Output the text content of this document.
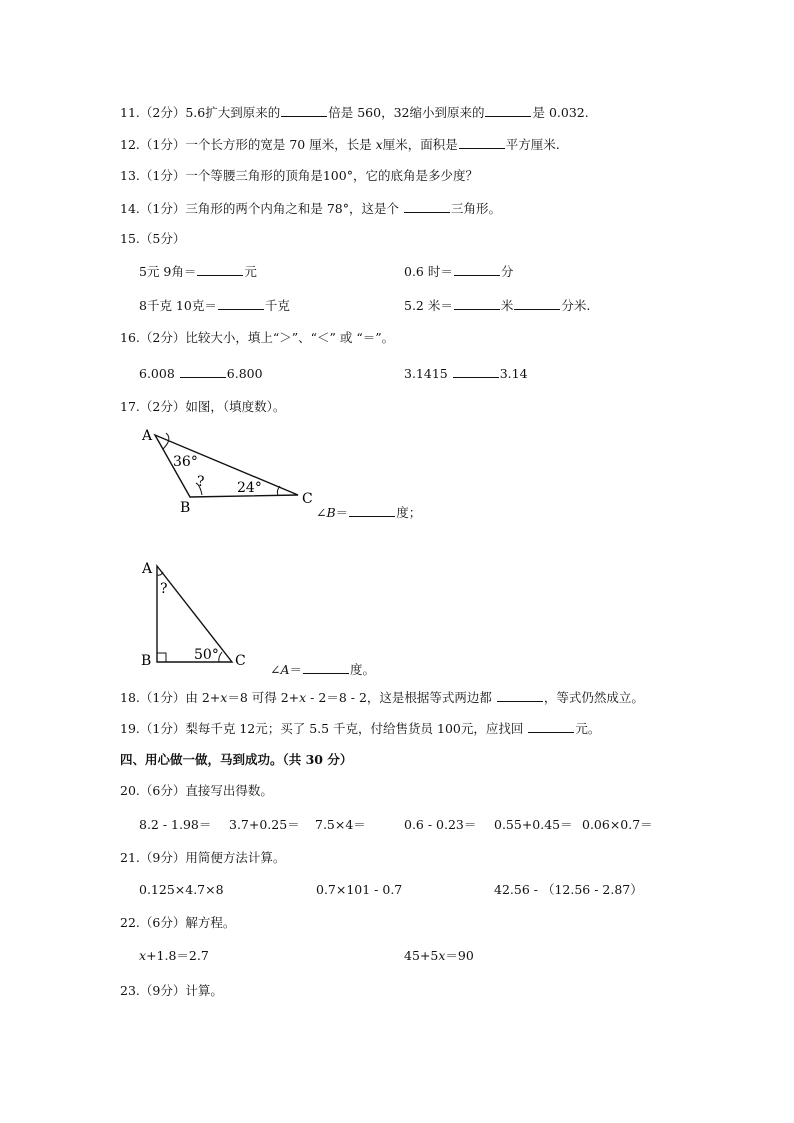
11.（2分）5.6扩大到原来的	倍是 560，32缩小到原来的	是 0.032.
12.（1分）一个长方形的宽是 70 厘米，长是 x厘米，面积是	平方厘米.
13.（1分）一个等腰三角形的顶角是100°，它的底角是多少度？
14.（1分）三角形的两个内角之和是 78°，这是个	三角形。
15.（5分）
5元 9角＝	元	0.6 时＝	分
8千克 10克＝	千克	5.2 米＝	米	分米.
16.（2分）比较大小，填上“＞”、“＜” 或 “＝”。
6.008	6.800	3.1415	3.14
17.（2分）如图，（填度数）。
A
B
C
36°
? 24°
∠B＝	度；
A
B	C
?
50°
∠A＝	度。
18.（1分）由 2+x＝8 可得 2+x - 2＝8 - 2，这是根据等式两边都	，等式仍然成立。
19.（1分）梨每千克 12元；买了 5.5 千克，付给售货员 100元，应找回	元。
四、用心做一做，马到成功。（共 30 分）
20.（6分）直接写出得数。
8.2 - 1.98＝ 3.7+0.25＝ 7.5×4＝	0.6 - 0.23＝ 0.55+0.45＝ 0.06×0.7＝
21.（9分）用简便方法计算。
0.125×4.7×8	0.7×101 - 0.7	42.56 - （12.56 - 2.87）
22.（6分）解方程。
x+1.8＝2.7	45+5x＝90
23.（9分）计算。
